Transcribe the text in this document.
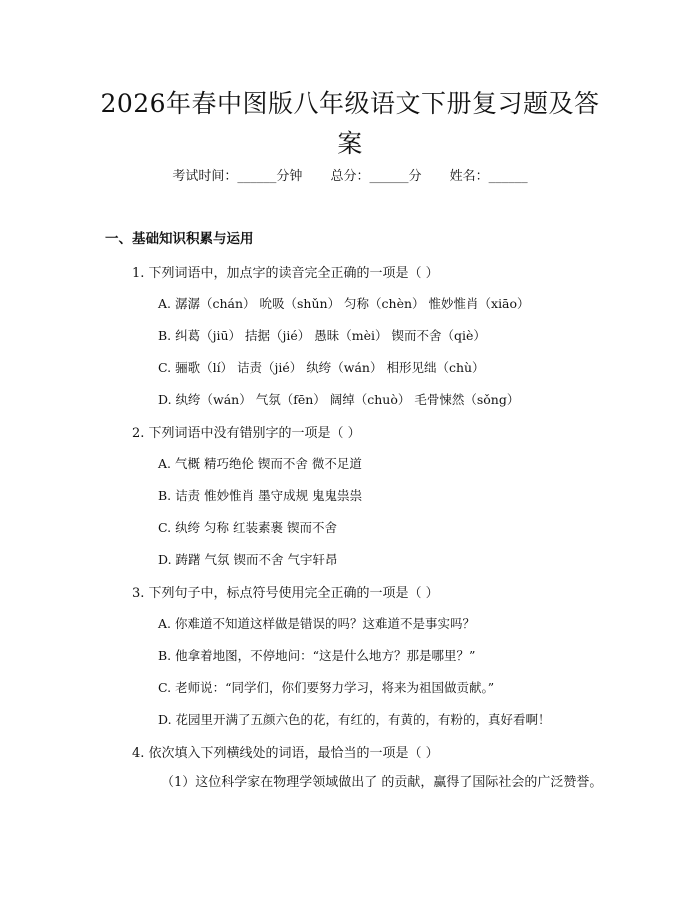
2026年春中图版八年级语文下册复习题及答案
考试时间：______分钟 总分：______分 姓名：______
一、基础知识积累与运用
1. 下列词语中，加点字的读音完全正确的一项是（ ）
A. 潺潺（chán） 吮吸（shǔn） 匀称（chèn） 惟妙惟肖（xiāo）
B. 纠葛（jiū） 拮据（jié） 愚昧（mèi） 锲而不舍（qiè）
C. 骊歌（lí） 诘责（jié） 纨绔（wán） 相形见绌（chù）
D. 纨绔（wán） 气氛（fēn） 阔绰（chuò） 毛骨悚然（sǒng）
2. 下列词语中没有错别字的一项是（ ）
A. 气概 精巧绝伦 锲而不舍 微不足道
B. 诘责 惟妙惟肖 墨守成规 鬼鬼祟祟
C. 纨绔 匀称 红装素裹 锲而不舍
D. 踌躇 气氛 锲而不舍 气宇轩昂
3. 下列句子中，标点符号使用完全正确的一项是（ ）
A. 你难道不知道这样做是错误的吗？这难道不是事实吗？
B. 他拿着地图，不停地问：“这是什么地方？那是哪里？”
C. 老师说：“同学们，你们要努力学习，将来为祖国做贡献。”
D. 花园里开满了五颜六色的花，有红的，有黄的，有粉的，真好看啊！
4. 依次填入下列横线处的词语，最恰当的一项是（ ）
（1）这位科学家在物理学领域做出了 的贡献，赢得了国际社会的广泛赞誉。
